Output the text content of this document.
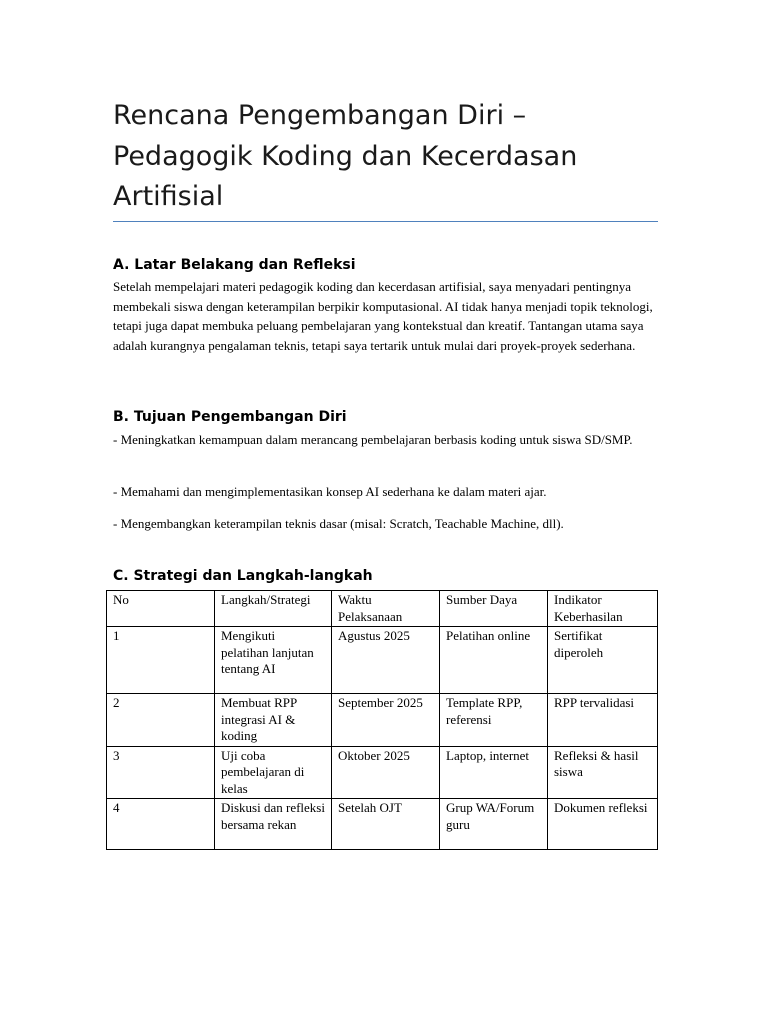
Rencana Pengembangan Diri – Pedagogik Koding dan Kecerdasan Artifisial
A. Latar Belakang dan Refleksi

Setelah mempelajari materi pedagogik koding dan kecerdasan artifisial, saya menyadari pentingnya membekali siswa dengan keterampilan berpikir komputasional. AI tidak hanya menjadi topik teknologi, tetapi juga dapat membuka peluang pembelajaran yang kontekstual dan kreatif. Tantangan utama saya adalah kurangnya pengalaman teknis, tetapi saya tertarik untuk mulai dari proyek-proyek sederhana.

B. Tujuan Pengembangan Diri

- Meningkatkan kemampuan dalam merancang pembelajaran berbasis koding untuk siswa SD/SMP.

- Memahami dan mengimplementasikan konsep AI sederhana ke dalam materi ajar.

- Mengembangkan keterampilan teknis dasar (misal: Scratch, Teachable Machine, dll).

C. Strategi dan Langkah-langkah
No	Langkah/Strategi	Waktu Pelaksanaan	Sumber Daya	Indikator Keberhasilan
1	Mengikuti pelatihan lanjutan tentang AI	Agustus 2025	Pelatihan online	Sertifikat diperoleh
2	Membuat RPP integrasi AI & koding	September 2025	Template RPP, referensi	RPP tervalidasi
3	Uji coba pembelajaran di kelas	Oktober 2025	Laptop, internet	Refleksi & hasil siswa
4	Diskusi dan refleksi bersama rekan	Setelah OJT	Grup WA/Forum guru	Dokumen refleksi
